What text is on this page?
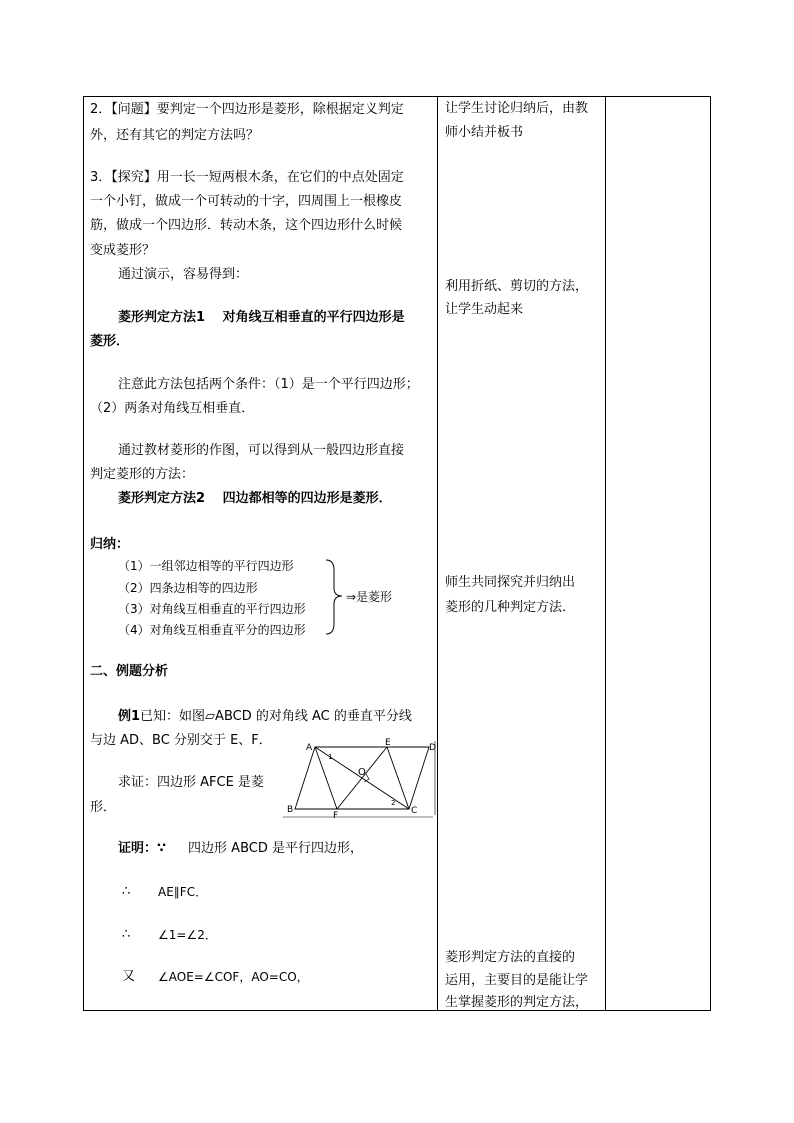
2．【问题】要判定一个四边形是菱形，除根据定义判定
外，还有其它的判定方法吗？
3．【探究】用一长一短两根木条，在它们的中点处固定
一个小钉，做成一个可转动的十字，四周围上一根橡皮
筋，做成一个四边形．转动木条，这个四边形什么时候
变成菱形？
通过演示，容易得到：
菱形判定方法1　 对角线互相垂直的平行四边形是
菱形．
注意此方法包括两个条件：（1）是一个平行四边形；
（2）两条对角线互相垂直．
通过教材菱形的作图，可以得到从一般四边形直接
判定菱形的方法：
菱形判定方法2　 四边都相等的四边形是菱形．
归纳：
（1）一组邻边相等的平行四边形
（2）四条边相等的四边形
（3）对角线互相垂直的平行四边形
（4）对角线互相垂直平分的四边形
⇒是菱形
二、例题分析
例1已知：如图▱ABCD 的对角线 AC 的垂直平分线
与边 AD、BC 分别交于 E、F．
求证：四边形 AFCE 是菱
形．
A
B	C
D
E
F
O
1
2
证明：∵ 四边形 ABCD 是平行四边形，
∴ AE∥FC．
∴ ∠1=∠2．
又 ∠AOE=∠COF，AO=CO，
让学生讨论归纳后，由教
师小结并板书
利用折纸、剪切的方法，
让学生动起来
师生共同探究并归纳出
菱形的几种判定方法．
菱形判定方法的直接的
运用，主要目的是能让学
生掌握菱形的判定方法，
